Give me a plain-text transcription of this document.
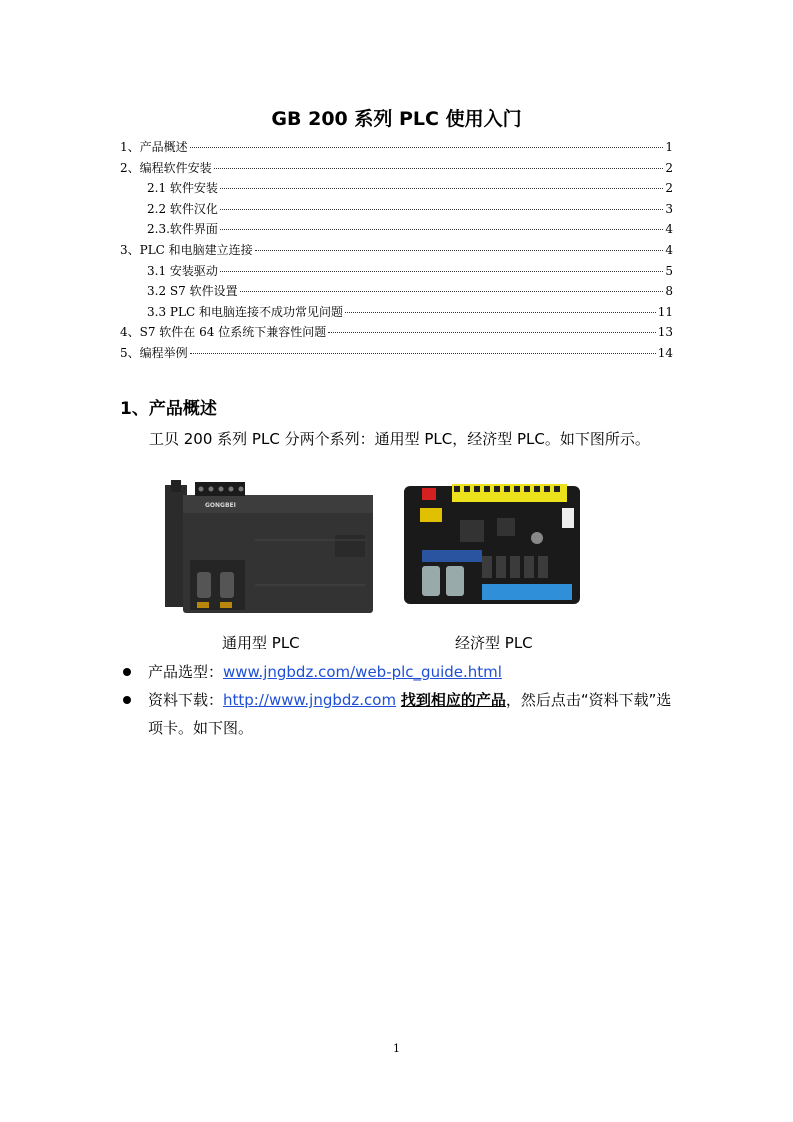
GB 200 系列 PLC 使用入门
1、产品概述	1
2、编程软件安装	2
2.1 软件安装	2
2.2 软件汉化	3
2.3.软件界面	4
3、PLC 和电脑建立连接	4
3.1 安装驱动	5
3.2 S7 软件设置	8
3.3 PLC 和电脑连接不成功常见问题	11
4、S7 软件在 64 位系统下兼容性问题	13
5、编程举例	14
1、产品概述

工贝 200 系列 PLC 分两个系列：通用型 PLC，经济型 PLC。如下图所示。

GONGBEI
通用型 PLC	经济型 PLC
产品选型：www.jngbdz.com/web-plc_guide.html
资料下载：http://www.jngbdz.com 找到相应的产品，然后点击“资料下载”选项卡。如下图。
1
